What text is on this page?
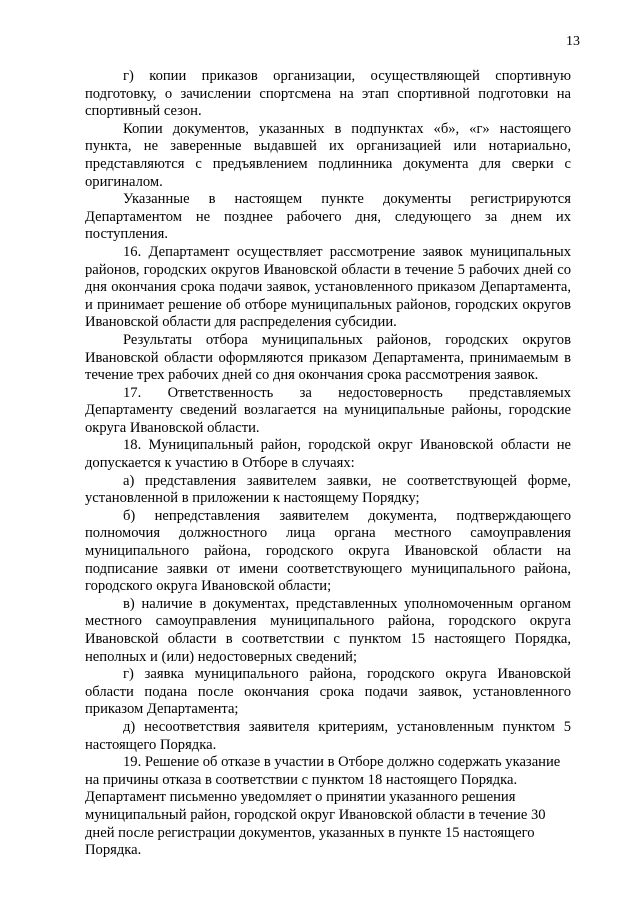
13

г) копии приказов организации, осуществляющей спортивную подготовку, о зачислении спортсмена на этап спортивной подготовки на спортивный сезон.

Копии документов, указанных в подпунктах «б», «г» настоящего пункта, не заверенные выдавшей их организацией или нотариально, представляются с предъявлением подлинника документа для сверки с оригиналом.

Указанные в настоящем пункте документы регистрируются Департаментом не позднее рабочего дня, следующего за днем их поступления.

16. Департамент осуществляет рассмотрение заявок муниципальных районов, городских округов Ивановской области в течение 5 рабочих дней со дня окончания срока подачи заявок, установленного приказом Департамента, и принимает решение об отборе муниципальных районов, городских округов Ивановской области для распределения субсидии.

Результаты отбора муниципальных районов, городских округов Ивановской области оформляются приказом Департамента, принимаемым в течение трех рабочих дней со дня окончания срока рассмотрения заявок.

17. Ответственность за недостоверность представляемых Департаменту сведений возлагается на муниципальные районы, городские округа Ивановской области.

18. Муниципальный район, городской округ Ивановской области не допускается к участию в Отборе в случаях:

а) представления заявителем заявки, не соответствующей форме, установленной в приложении к настоящему Порядку;

б) непредставления заявителем документа, подтверждающего полномочия должностного лица органа местного самоуправления муниципального района, городского округа Ивановской области на подписание заявки от имени соответствующего муниципального района, городского округа Ивановской области;

в) наличие в документах, представленных уполномоченным органом местного самоуправления муниципального района, городского округа Ивановской области в соответствии с пунктом 15 настоящего Порядка, неполных и (или) недостоверных сведений;

г) заявка муниципального района, городского округа Ивановской области подана после окончания срока подачи заявок, установленного приказом Департамента;

д) несоответствия заявителя критериям, установленным пунктом 5 настоящего Порядка.

19. Решение об отказе в участии в Отборе должно содержать указание на причины отказа в соответствии с пунктом 18 настоящего Порядка. Департамент письменно уведомляет о принятии указанного решения муниципальный район, городской округ Ивановской области в течение 30 дней после регистрации документов, указанных в пункте 15 настоящего Порядка.
